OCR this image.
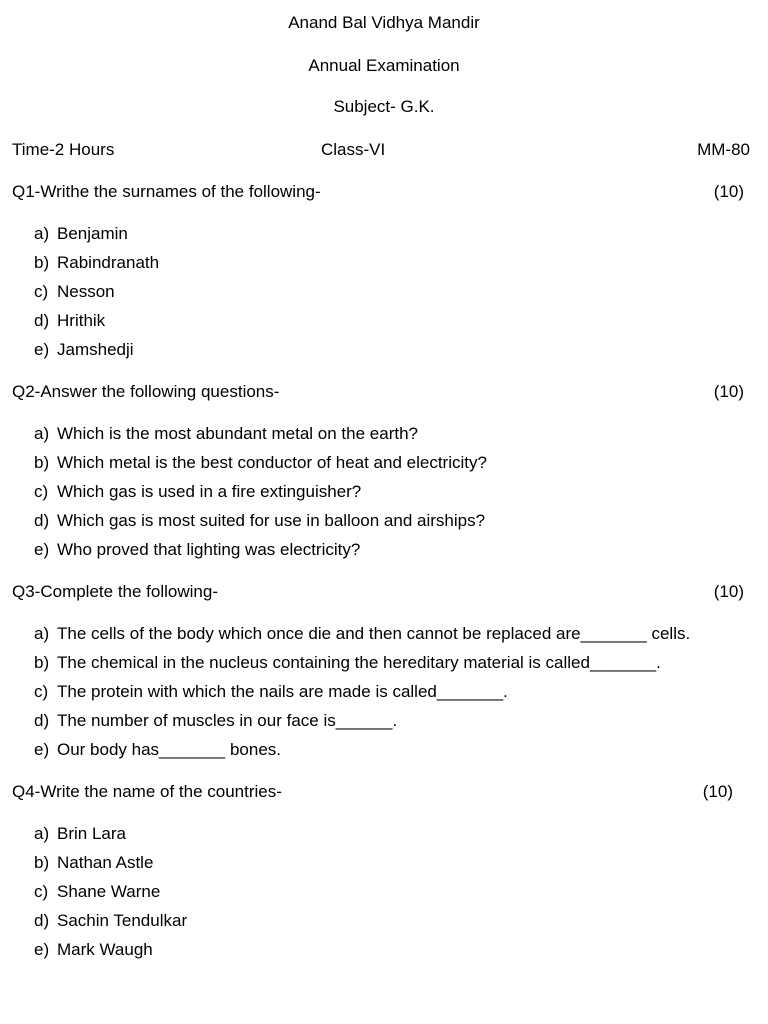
Anand Bal Vidhya Mandir
Annual Examination
Subject- G.K.
Time-2 Hours	Class-VI	MM-80
Q1-Writhe the surnames of the following-	(10)
a) Benjamin
b) Rabindranath
c) Nesson
d) Hrithik
e) Jamshedji
Q2-Answer the following questions-	(10)
a) Which is the most abundant metal on the earth?
b) Which metal is the best conductor of heat and electricity?
c) Which gas is used in a fire extinguisher?
d) Which gas is most suited for use in balloon and airships?
e) Who proved that lighting was electricity?
Q3-Complete the following-	(10)
a) The cells of the body which once die and then cannot be replaced are_______ cells.
b) The chemical in the nucleus containing the hereditary material is called_______.
c) The protein with which the nails are made is called_______.
d) The number of muscles in our face is______.
e) Our body has_______ bones.
Q4-Write the name of the countries-	(10)
a) Brin Lara
b) Nathan Astle
c) Shane Warne
d) Sachin Tendulkar
e) Mark Waugh
